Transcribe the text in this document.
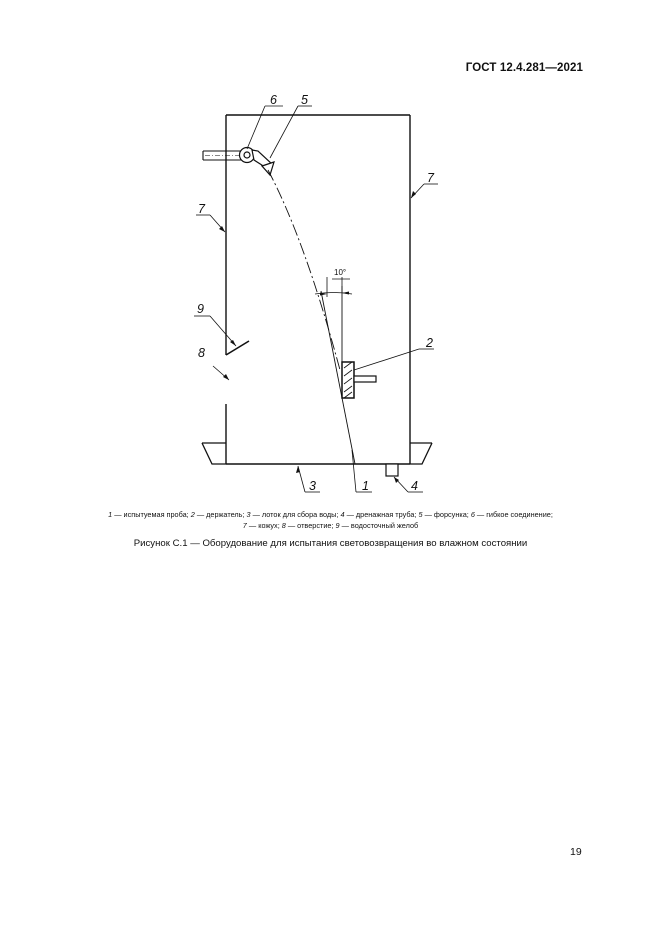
ГОСТ 12.4.281—2021
6 5
7
7
9
8
2
3	1	4
10°
1 — испытуемая проба; 2 — держатель; 3 — лоток для сбора воды; 4 — дренажная труба; 5 — форсунка; 6 — гибкое соединение;
7 — кожух; 8 — отверстие; 9 — водосточный желоб
Рисунок С.1 — Оборудование для испытания световозвращения во влажном состоянии
19
